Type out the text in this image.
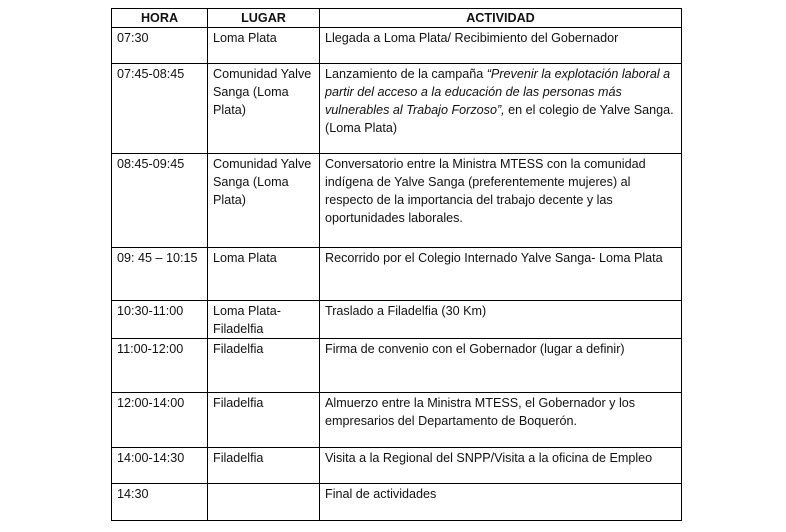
HORA	LUGAR	ACTIVIDAD
07:30	Loma Plata	Llegada a Loma Plata/ Recibimiento del Gobernador
07:45-08:45	Comunidad Yalve Sanga (Loma Plata)	Lanzamiento de la campaña “Prevenir la explotación laboral a partir del acceso a la educación de las personas más vulnerables al Trabajo Forzoso”, en el colegio de Yalve Sanga. (Loma Plata)
08:45-09:45	Comunidad Yalve Sanga (Loma Plata)	Conversatorio entre la Ministra MTESS con la comunidad indígena de Yalve Sanga (preferentemente mujeres) al respecto de la importancia del trabajo decente y las oportunidades laborales.
09: 45 – 10:15	Loma Plata	Recorrido por el Colegio Internado Yalve Sanga- Loma Plata
10:30-11:00	Loma Plata- Filadelfia	Traslado a Filadelfia (30 Km)
11:00-12:00	Filadelfia	Firma de convenio con el Gobernador (lugar a definir)
12:00-14:00	Filadelfia	Almuerzo entre la Ministra MTESS, el Gobernador y los empresarios del Departamento de Boquerón.
14:00-14:30	Filadelfia	Visita a la Regional del SNPP/Visita a la oficina de Empleo
14:30		Final de actividades
